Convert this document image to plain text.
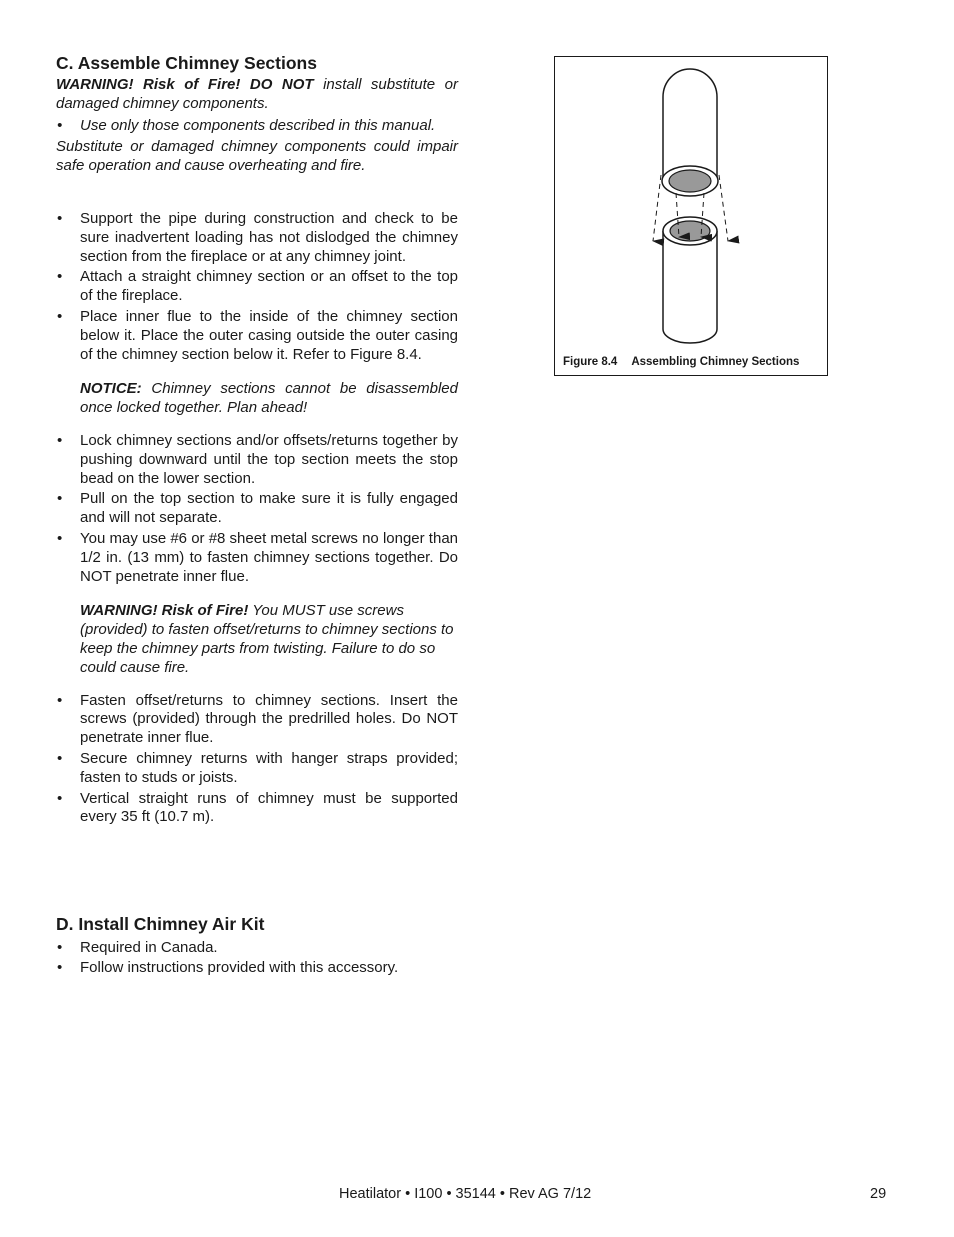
C. Assemble Chimney Sections

WARNING! Risk of Fire! DO NOT install substitute or damaged chimney components.

• Use only those components described in this manual.

Substitute or damaged chimney components could impair safe operation and cause overheating and fire.

• Support the pipe during construction and check to be sure inadvertent loading has not dislodged the chimney section from the fireplace or at any chimney joint.
• Attach a straight chimney section or an offset to the top of the fireplace.
• Place inner flue to the inside of the chimney section below it. Place the outer casing outside the outer casing of the chimney section below it. Refer to Figure 8.4.

NOTICE: Chimney sections cannot be disassembled once locked together. Plan ahead!

• Lock chimney sections and/or offsets/returns together by pushing downward until the top section meets the stop bead on the lower section.
• Pull on the top section to make sure it is fully engaged and will not separate.
• You may use #6 or #8 sheet metal screws no longer than 1/2 in. (13 mm) to fasten chimney sections together. Do NOT penetrate inner flue.

WARNING! Risk of Fire! You MUST use screws (provided) to fasten offset/returns to chimney sections to keep the chimney parts from twisting. Failure to do so could cause fire.

• Fasten offset/returns to chimney sections. Insert the screws (provided) through the predrilled holes. Do NOT penetrate inner flue.
• Secure chimney returns with hanger straps provided; fasten to studs or joists.
• Vertical straight runs of chimney must be supported every 35 ft (10.7 m).
D. Install Chimney Air Kit
• Required in Canada.
• Follow instructions provided with this accessory.
Figure 8.4 Assembling Chimney Sections
Heatilator • I100 • 35144 • Rev AG 7/12	29
